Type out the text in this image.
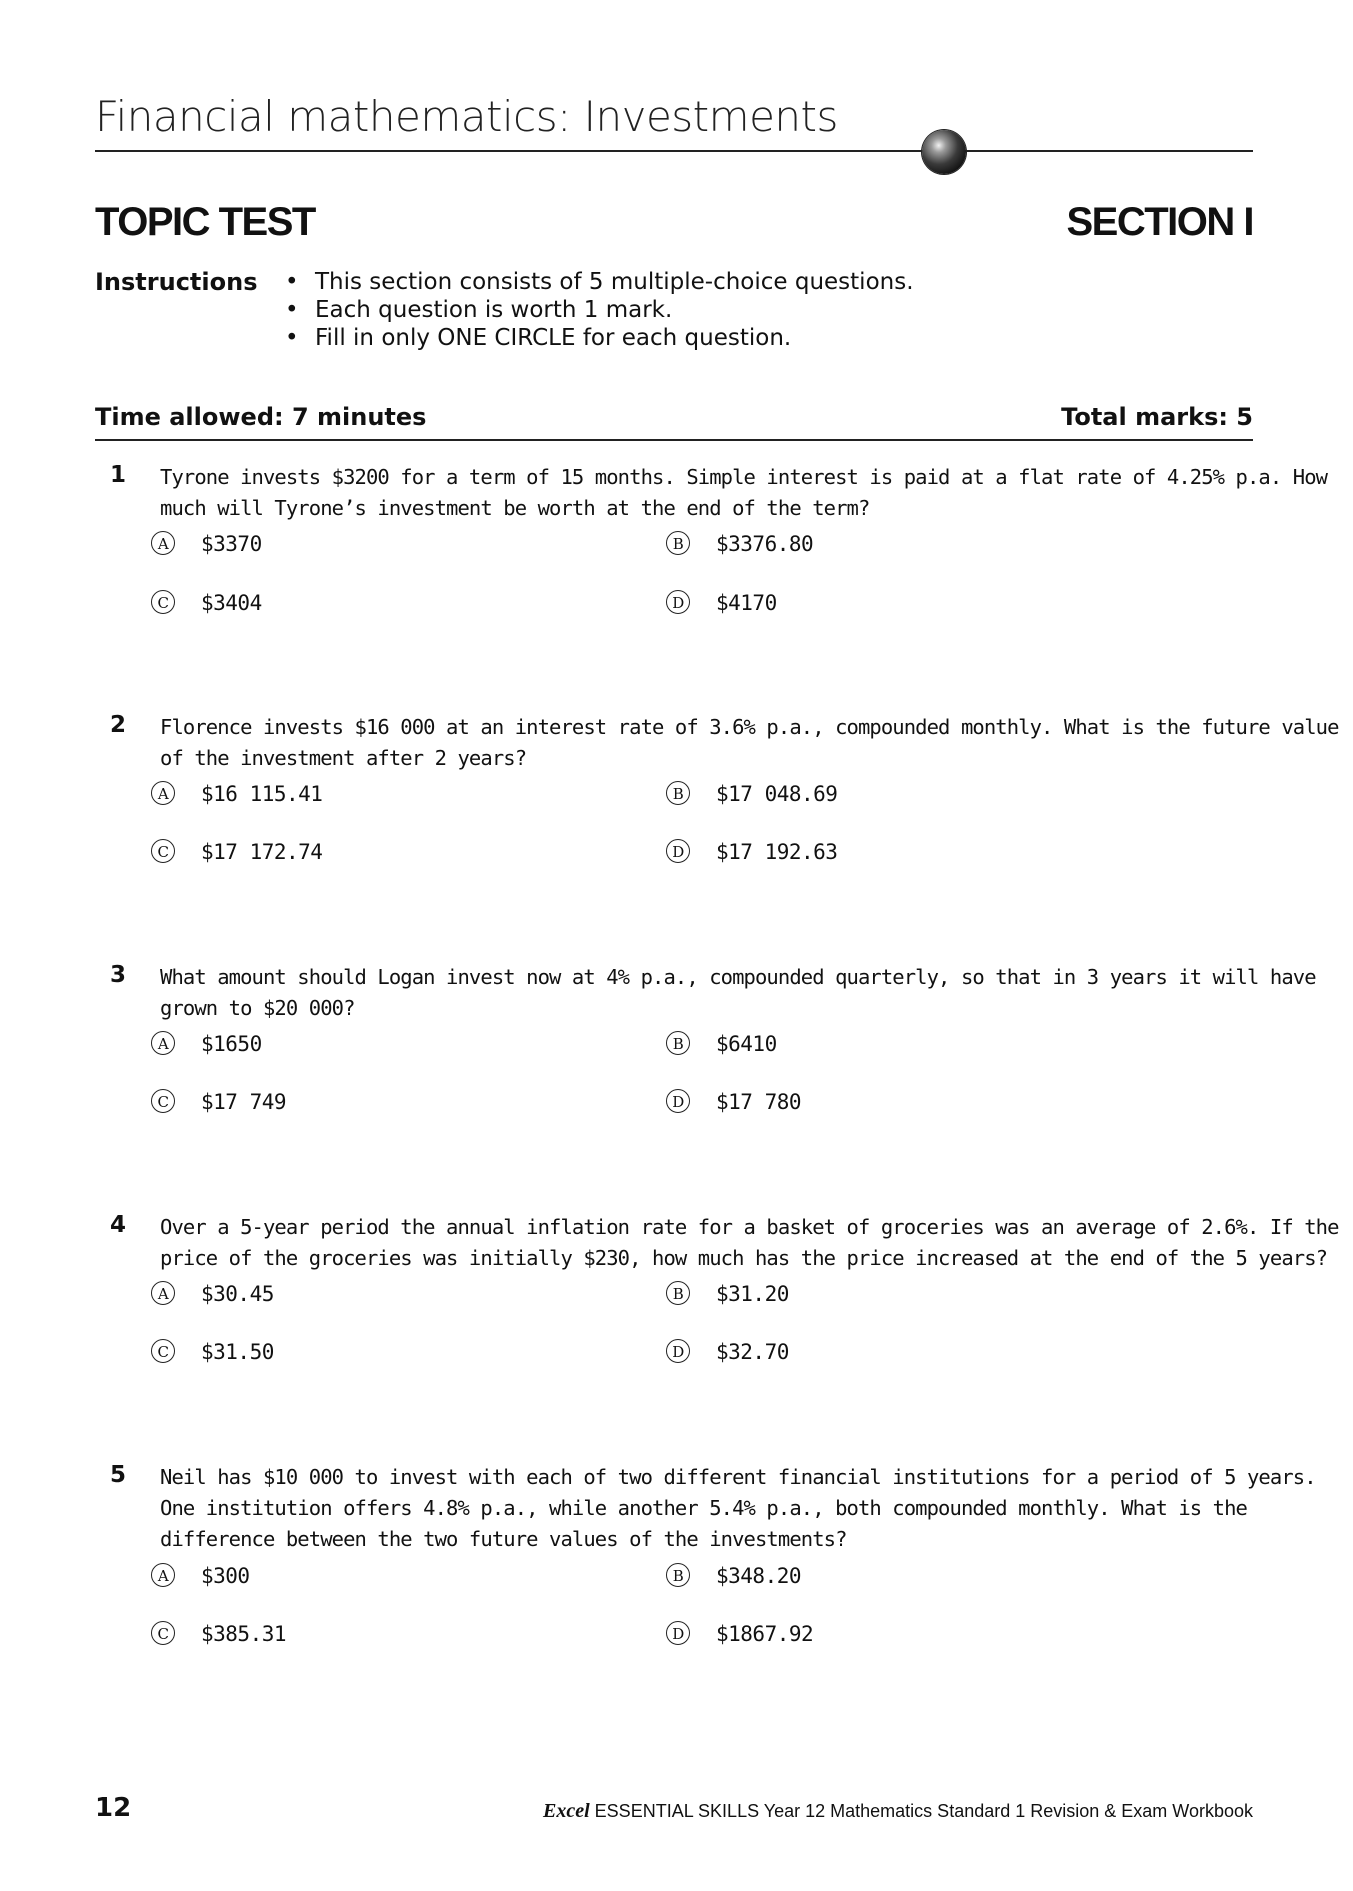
Financial mathematics: Investments
TOPIC TEST	SECTION I
Instructions • This section consists of 5 multiple-choice questions.
• Each question is worth 1 mark.
• Fill in only ONE CIRCLE for each question.
Time allowed: 7 minutes	Total marks: 5
1 Tyrone invests $3200 for a term of 15 months. Simple interest is paid at a flat rate of 4.25% p.a. How
much will Tyrone’s investment be worth at the end of the term?
A	$3370	B	$3376.80
C	$3404	D $4170
2 Florence invests $16 000 at an interest rate of 3.6% p.a., compounded monthly. What is the future value
of the investment after 2 years?
A	$16 115.41	B	$17 048.69
C	$17 172.74	D $17 192.63
3 What amount should Logan invest now at 4% p.a., compounded quarterly, so that in 3 years it will have
grown to $20 000?
A	$1650	B	$6410
C	$17 749	D $17 780
4 Over a 5-year period the annual inflation rate for a basket of groceries was an average of 2.6%. If the
price of the groceries was initially $230, how much has the price increased at the end of the 5 years?
A	$30.45	B	$31.20
C	$31.50	D $32.70
5 Neil has $10 000 to invest with each of two different financial institutions for a period of 5 years.
One institution offers 4.8% p.a., while another 5.4% p.a., both compounded monthly. What is the
difference between the two future values of the investments?
A	$300	B	$348.20
C	$385.31	D $1867.92
12	Excel ESSENTIAL SKILLS Year 12 Mathematics Standard 1 Revision & Exam Workbook
